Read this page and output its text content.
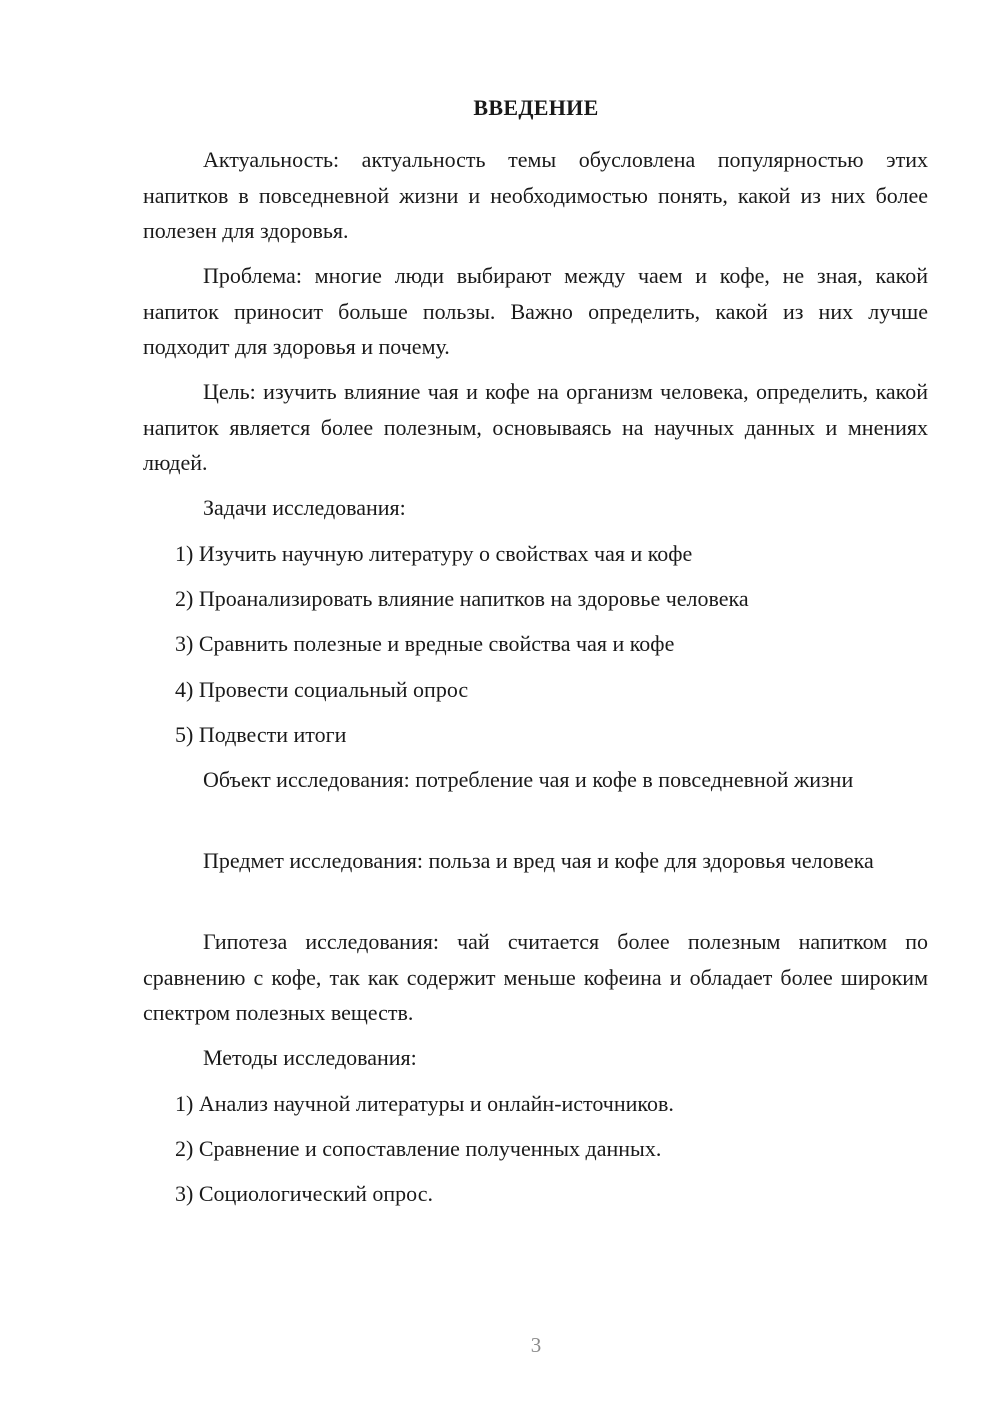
ВВЕДЕНИЕ

Актуальность: актуальность темы обусловлена популярностью этих напитков в повседневной жизни и необходимостью понять, какой из них более полезен для здоровья.

Проблема: многие люди выбирают между чаем и кофе, не зная, какой напиток приносит больше пользы. Важно определить, какой из них лучше подходит для здоровья и почему.

Цель: изучить влияние чая и кофе на организм человека, определить, какой напиток является более полезным, основываясь на научных данных и мнениях людей.

Задачи исследования:

1) Изучить научную литературу о свойствах чая и кофе

2) Проанализировать влияние напитков на здоровье человека

3) Сравнить полезные и вредные свойства чая и кофе

4) Провести социальный опрос

5) Подвести итоги

Объект исследования: потребление чая и кофе в повседневной жизни

Предмет исследования: польза и вред чая и кофе для здоровья человека

Гипотеза исследования: чай считается более полезным напитком по сравнению с кофе, так как содержит меньше кофеина и обладает более широким спектром полезных веществ.

Методы исследования:

1) Анализ научной литературы и онлайн-источников.

2) Сравнение и сопоставление полученных данных.

3) Социологический опрос.

3
